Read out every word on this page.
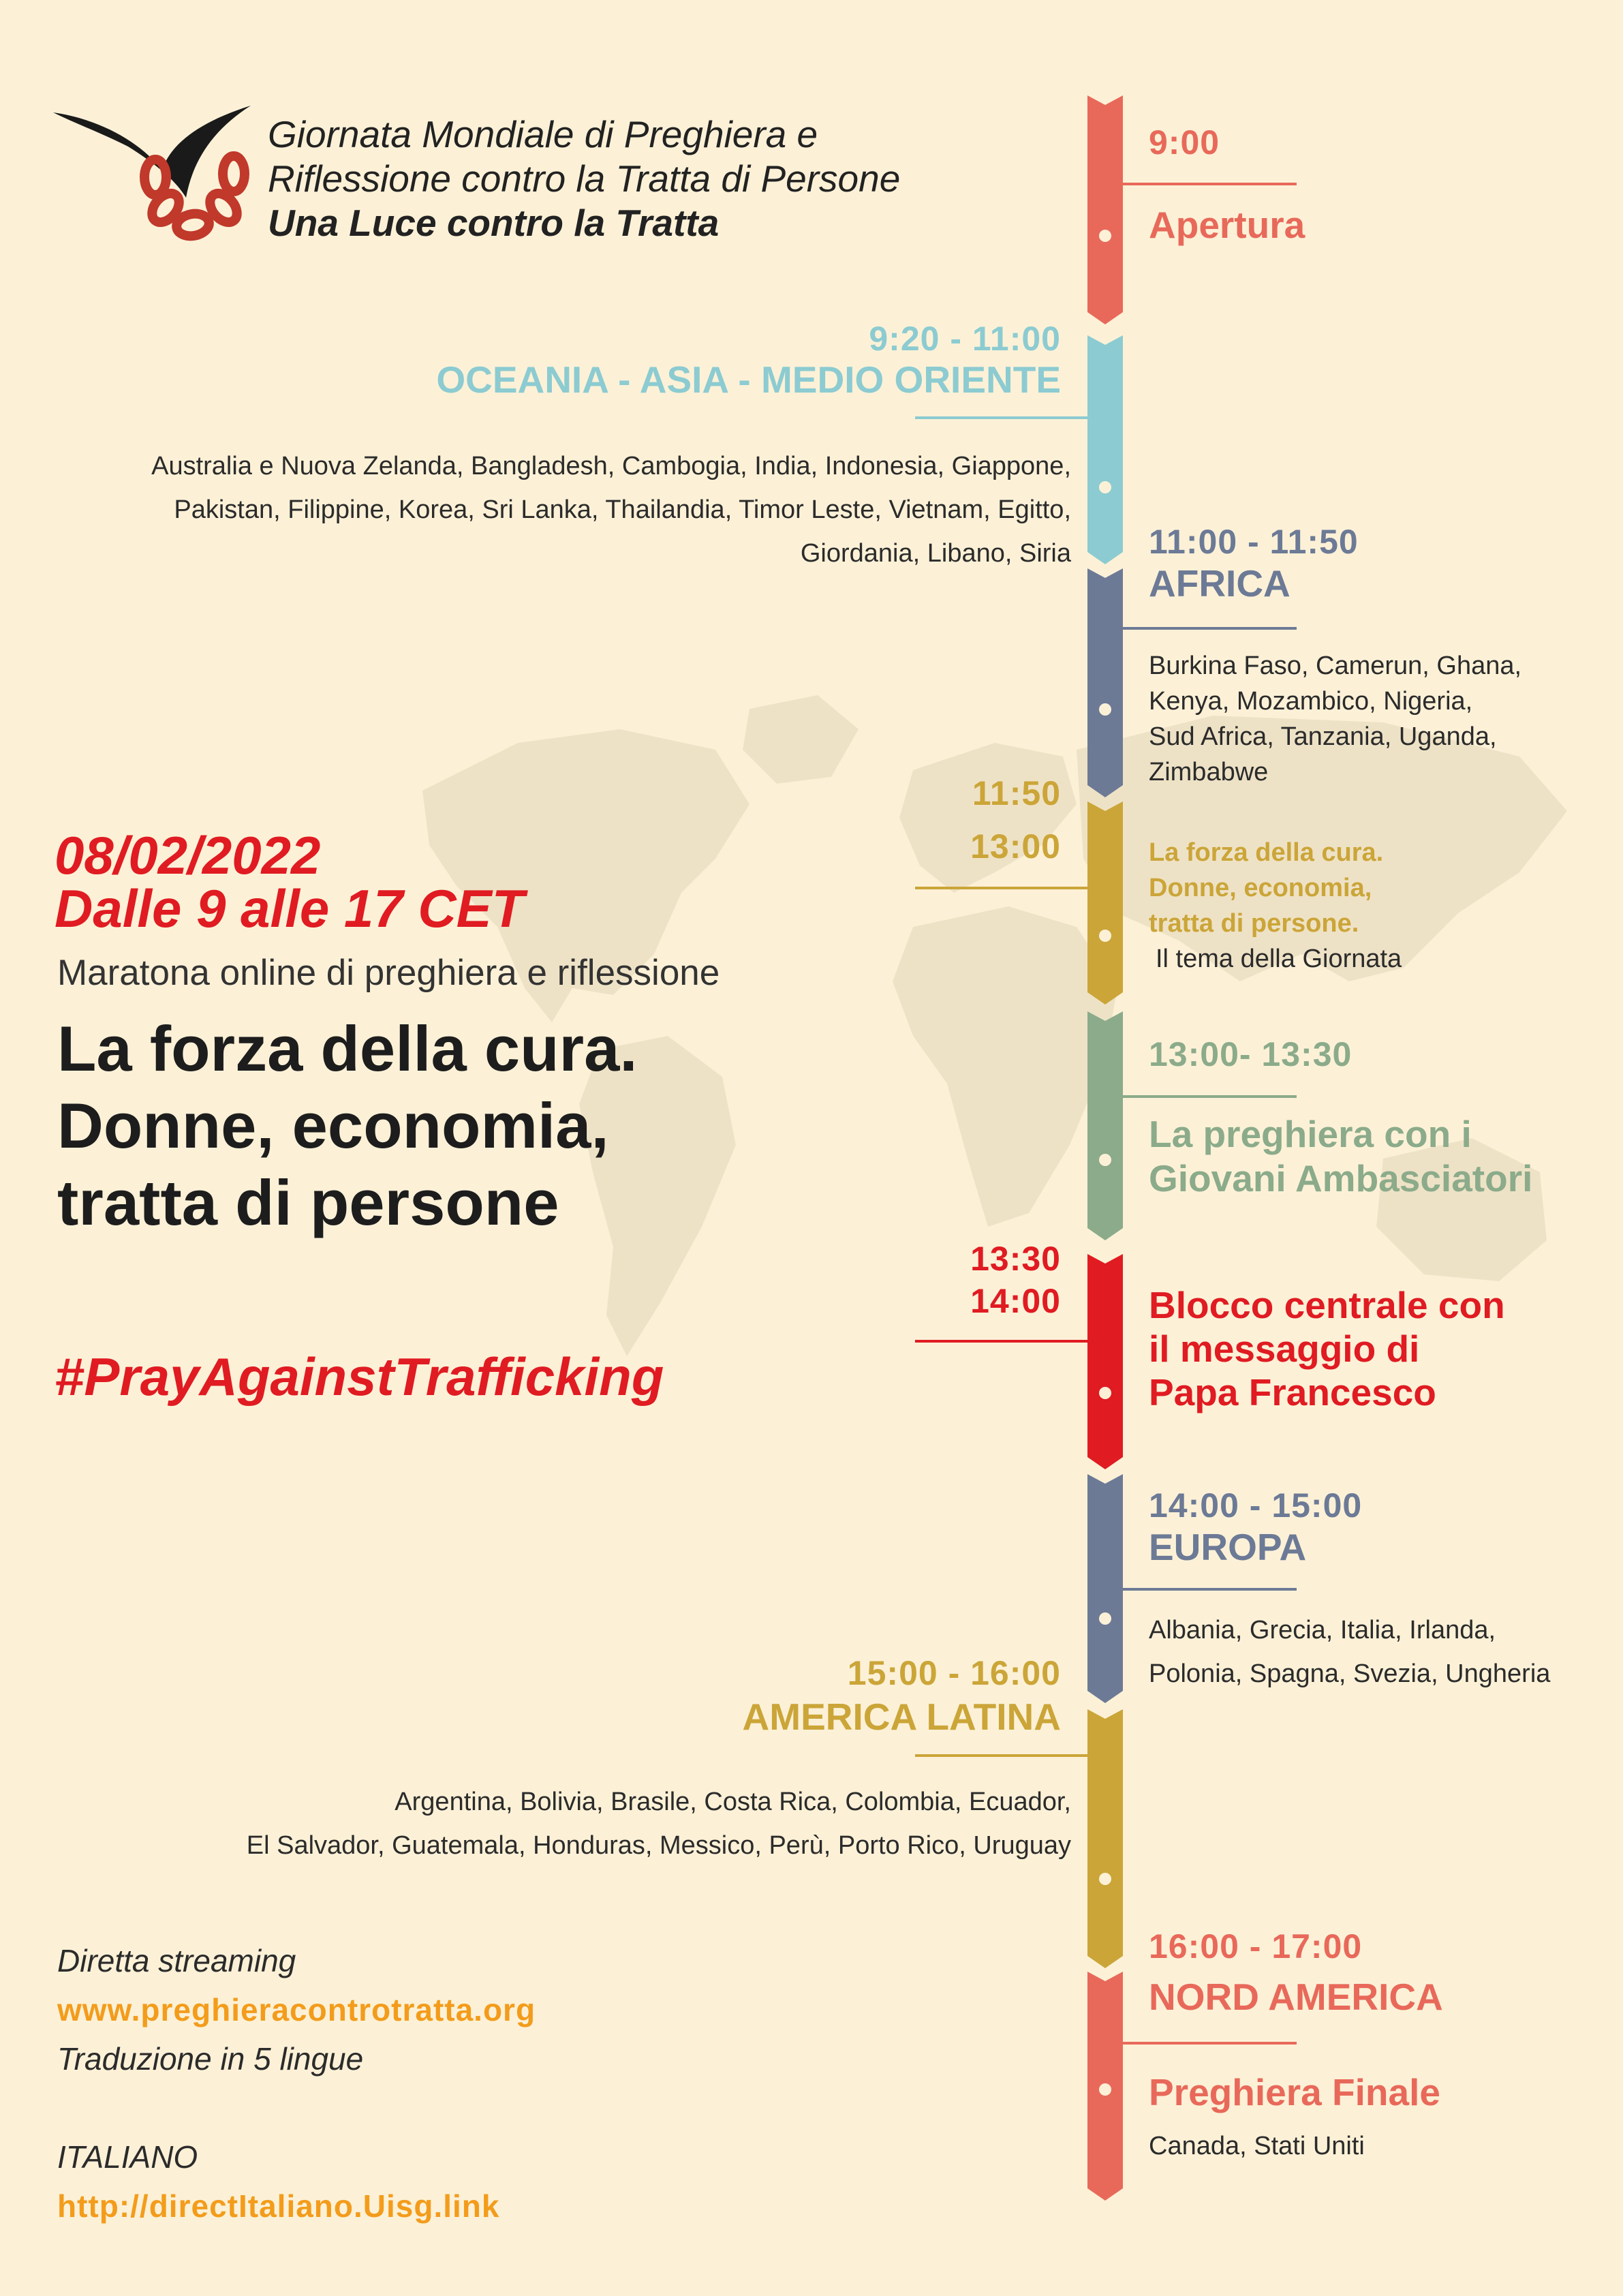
Giornata Mondiale di Preghiera e
Riflessione contro la Tratta di Persone
Una Luce contro la Tratta
9:00
Apertura
9:20 - 11:00
OCEANIA - ASIA - MEDIO ORIENTE
Australia e Nuova Zelanda, Bangladesh, Cambogia, India, Indonesia, Giappone,
Pakistan, Filippine, Korea, Sri Lanka, Thailandia, Timor Leste, Vietnam, Egitto,
Giordania, Libano, Siria 11:00 - 11:50
AFRICA
Burkina Faso, Camerun, Ghana,
Kenya, Mozambico, Nigeria,
Sud Africa, Tanzania, Uganda,
Zimbabwe
11:50
13:00	La forza della cura.
Donne, economia,
tratta di persone.
Il tema della Giornata
13:00- 13:30
La preghiera con i
Giovani Ambasciatori
13:30
14:00 Blocco centrale con
il messaggio di
Papa Francesco
14:00 - 15:00
EUROPA
Albania, Grecia, Italia, Irlanda,
Polonia, Spagna, Svezia, Ungheria
15:00 - 16:00
AMERICA LATINA
Argentina, Bolivia, Brasile, Costa Rica, Colombia, Ecuador,
El Salvador, Guatemala, Honduras, Messico, Perù, Porto Rico, Uruguay
16:00 - 17:00
NORD AMERICA
Preghiera Finale
Canada, Stati Uniti
08/02/2022
Dalle 9 alle 17 CET
Maratona online di preghiera e riflessione
La forza della cura.
Donne, economia,
tratta di persone
#PrayAgainstTrafficking
Diretta streaming
www.preghieracontrotratta.org
Traduzione in 5 lingue
ITALIANO
http://directItaliano.Uisg.link
